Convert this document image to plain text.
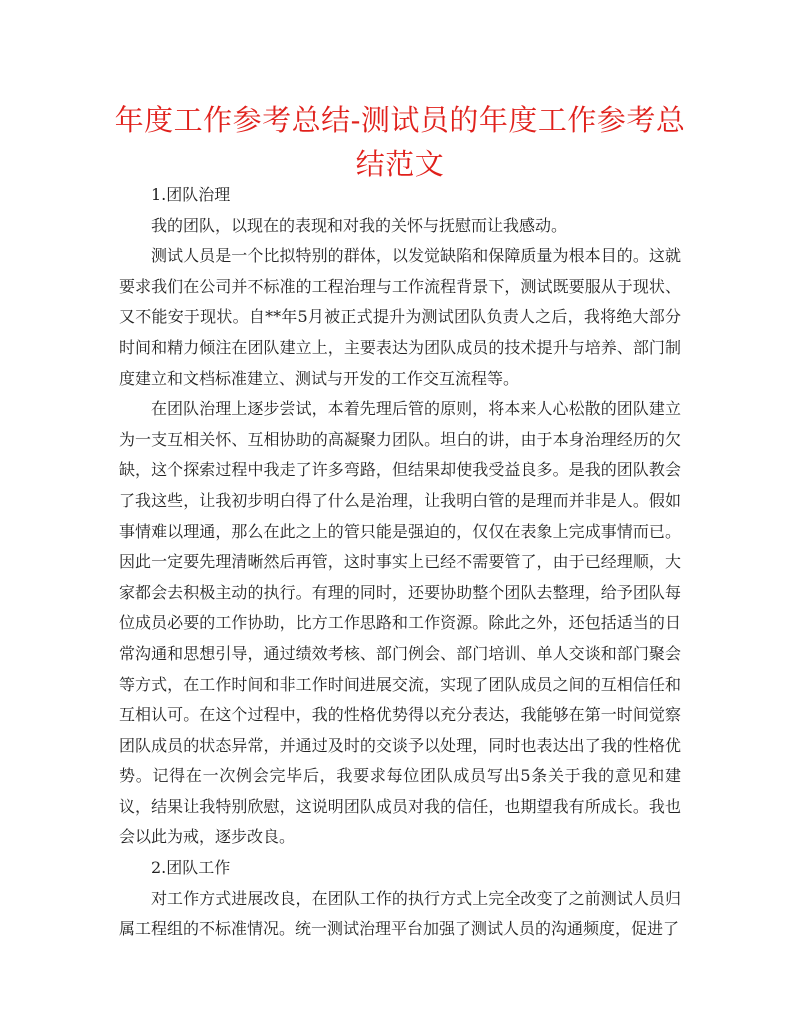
年度工作参考总结-测试员的年度工作参考总结范文

1.团队治理

我的团队，以现在的表现和对我的关怀与抚慰而让我感动。

测试人员是一个比拟特别的群体，以发觉缺陷和保障质量为根本目的。这就要求我们在公司并不标准的工程治理与工作流程背景下，测试既要服从于现状、又不能安于现状。自**年5月被正式提升为测试团队负责人之后，我将绝大部分时间和精力倾注在团队建立上，主要表达为团队成员的技术提升与培养、部门制度建立和文档标准建立、测试与开发的工作交互流程等。

在团队治理上逐步尝试，本着先理后管的原则，将本来人心松散的团队建立为一支互相关怀、互相协助的高凝聚力团队。坦白的讲，由于本身治理经历的欠缺，这个探索过程中我走了许多弯路，但结果却使我受益良多。是我的团队教会了我这些，让我初步明白得了什么是治理，让我明白管的是理而并非是人。假如事情难以理通，那么在此之上的管只能是强迫的，仅仅在表象上完成事情而已。因此一定要先理清晰然后再管，这时事实上已经不需要管了，由于已经理顺，大家都会去积极主动的执行。有理的同时，还要协助整个团队去整理，给予团队每位成员必要的工作协助，比方工作思路和工作资源。除此之外，还包括适当的日常沟通和思想引导，通过绩效考核、部门例会、部门培训、单人交谈和部门聚会等方式，在工作时间和非工作时间进展交流，实现了团队成员之间的互相信任和互相认可。在这个过程中，我的性格优势得以充分表达，我能够在第一时间觉察团队成员的状态异常，并通过及时的交谈予以处理，同时也表达出了我的性格优势。记得在一次例会完毕后，我要求每位团队成员写出5条关于我的意见和建议，结果让我特别欣慰，这说明团队成员对我的信任，也期望我有所成长。我也会以此为戒，逐步改良。

2.团队工作

对工作方式进展改良，在团队工作的执行方式上完全改变了之前测试人员归属工程组的不标准情况。统一测试治理平台加强了测试人员的沟通频度，促进了
